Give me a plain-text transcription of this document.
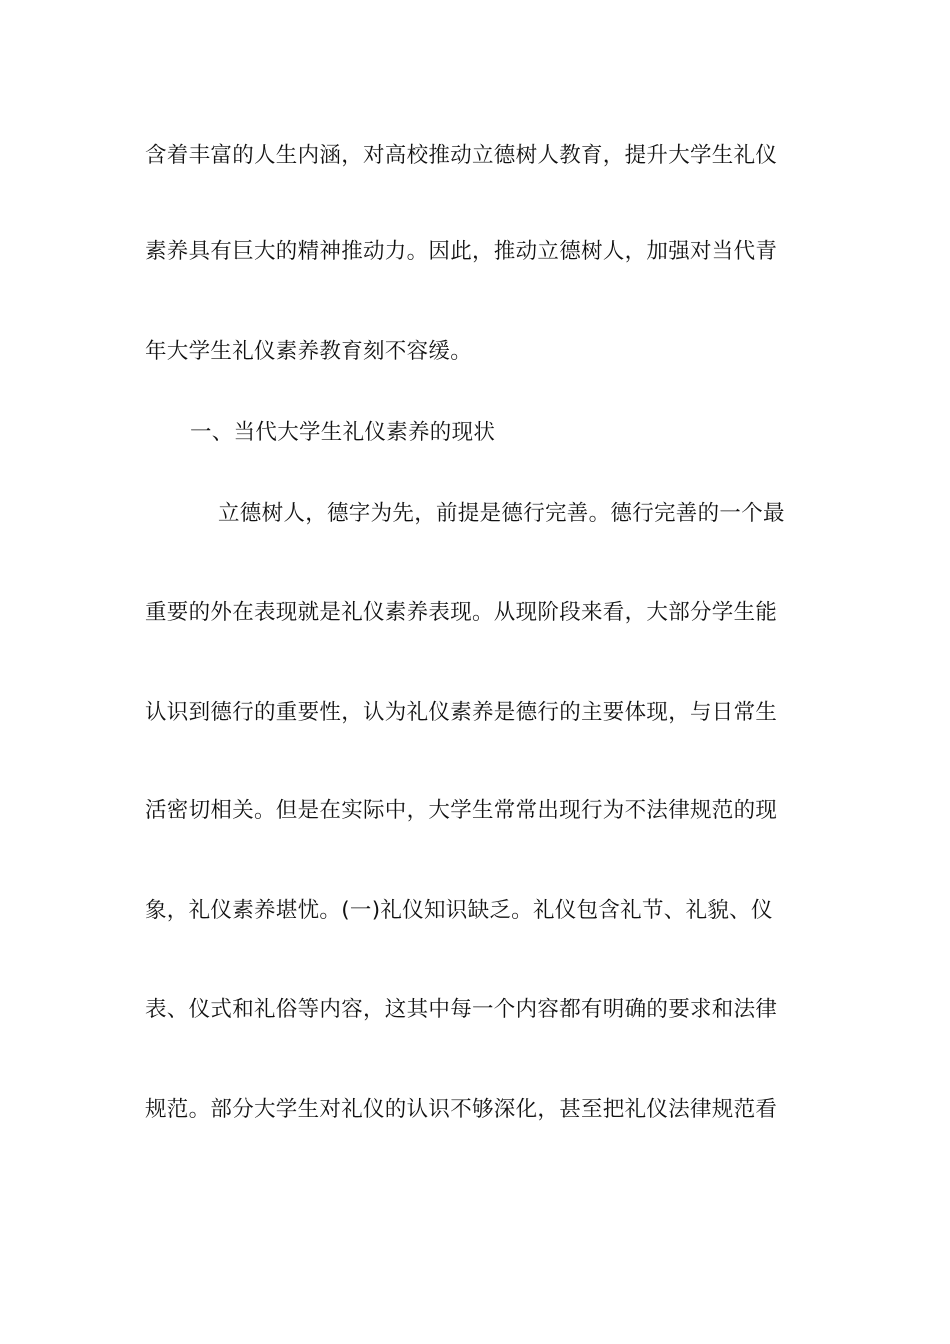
含着丰富的人生内涵，对高校推动立德树人教育，提升大学生礼仪
素养具有巨大的精神推动力。因此，推动立德树人，加强对当代青
年大学生礼仪素养教育刻不容缓。
一、当代大学生礼仪素养的现状
立德树人，德字为先，前提是德行完善。德行完善的一个最
重要的外在表现就是礼仪素养表现。从现阶段来看，大部分学生能
认识到德行的重要性，认为礼仪素养是德行的主要体现，与日常生
活密切相关。但是在实际中，大学生常常出现行为不法律规范的现
象，礼仪素养堪忧。(一)礼仪知识缺乏。礼仪包含礼节、礼貌、仪
表、仪式和礼俗等内容，这其中每一个内容都有明确的要求和法律
规范。部分大学生对礼仪的认识不够深化，甚至把礼仪法律规范看
